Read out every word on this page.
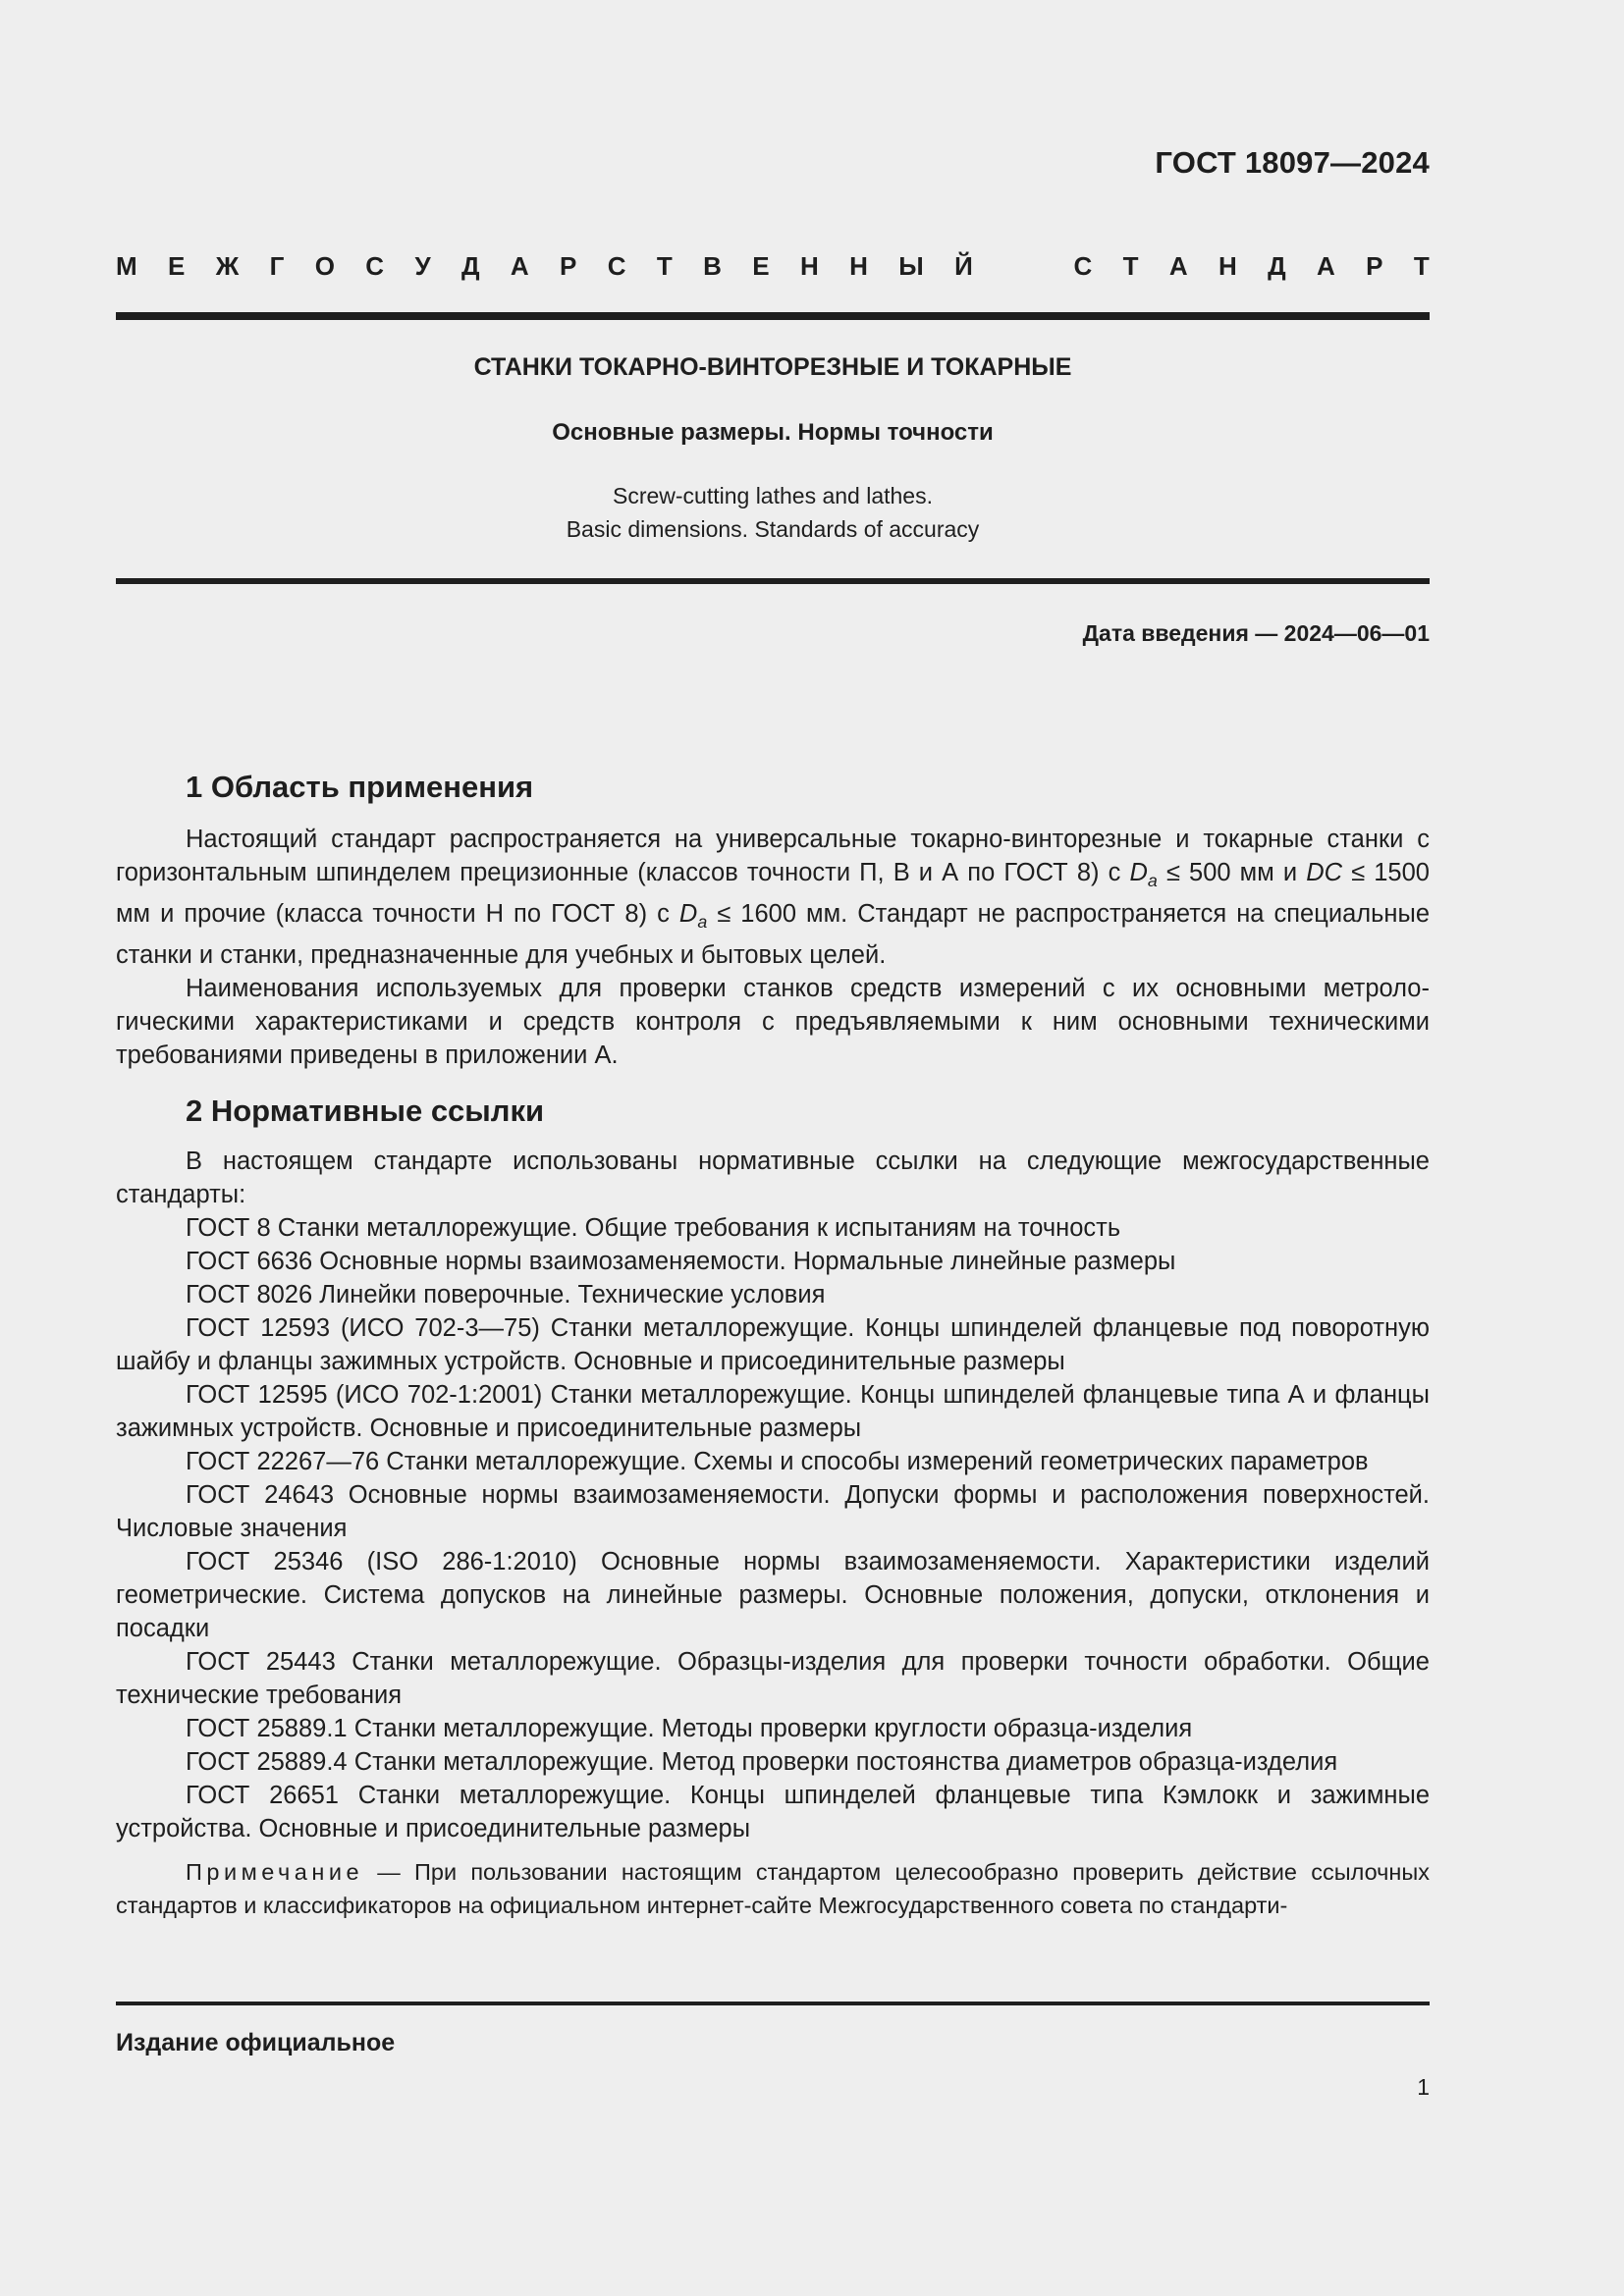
ГОСТ 18097—2024
М Е Ж Г О С У Д А Р С Т В Е Н Н Ы Й	С Т А Н Д А Р Т
СТАНКИ ТОКАРНО-ВИНТОРЕЗНЫЕ И ТОКАРНЫЕ
Основные размеры. Нормы точности
Screw-cutting lathes and lathes.
Basic dimensions. Standards of accuracy
Дата введения — 2024—06—01
1 Область применения

Настоящий стандарт распространяется на универсальные токарно-винторезные и токарные станки с горизонтальным шпинделем прецизионные (классов точности П, В и А по ГОСТ 8) с $D_a \le 500$ мм и DC ≤ 1500 мм и прочие (класса точности Н по ГОСТ 8) с $D_a \le 1600$ мм. Стандарт не распространяется на специальные станки и станки, предназначенные для учебных и бытовых целей.

Наименования используемых для проверки станков средств измерений с их основными метрологическими характеристиками и средств контроля с предъявляемыми к ним основными техническими требованиями приведены в приложении А.

2 Нормативные ссылки

В настоящем стандарте использованы нормативные ссылки на следующие межгосударственные стандарты:

ГОСТ 8 Станки металлорежущие. Общие требования к испытаниям на точность

ГОСТ 6636 Основные нормы взаимозаменяемости. Нормальные линейные размеры

ГОСТ 8026 Линейки поверочные. Технические условия

ГОСТ 12593 (ИСО 702-3—75) Станки металлорежущие. Концы шпинделей фланцевые под поворотную шайбу и фланцы зажимных устройств. Основные и присоединительные размеры

ГОСТ 12595 (ИСО 702-1:2001) Станки металлорежущие. Концы шпинделей фланцевые типа А и фланцы зажимных устройств. Основные и присоединительные размеры

ГОСТ 22267—76 Станки металлорежущие. Схемы и способы измерений геометрических параметров

ГОСТ 24643 Основные нормы взаимозаменяемости. Допуски формы и расположения поверхностей. Числовые значения

ГОСТ 25346 (ISO 286-1:2010) Основные нормы взаимозаменяемости. Характеристики изделий геометрические. Система допусков на линейные размеры. Основные положения, допуски, отклонения и посадки

ГОСТ 25443 Станки металлорежущие. Образцы-изделия для проверки точности обработки. Общие технические требования

ГОСТ 25889.1 Станки металлорежущие. Методы проверки круглости образца-изделия

ГОСТ 25889.4 Станки металлорежущие. Метод проверки постоянства диаметров образца-изделия

ГОСТ 26651 Станки металлорежущие. Концы шпинделей фланцевые типа Кэмлокк и зажимные устройства. Основные и присоединительные размеры

Примечание — При пользовании настоящим стандартом целесообразно проверить действие ссылочных стандартов и классификаторов на официальном интернет-сайте Межгосударственного совета по стандарти-
Издание официальное
1
